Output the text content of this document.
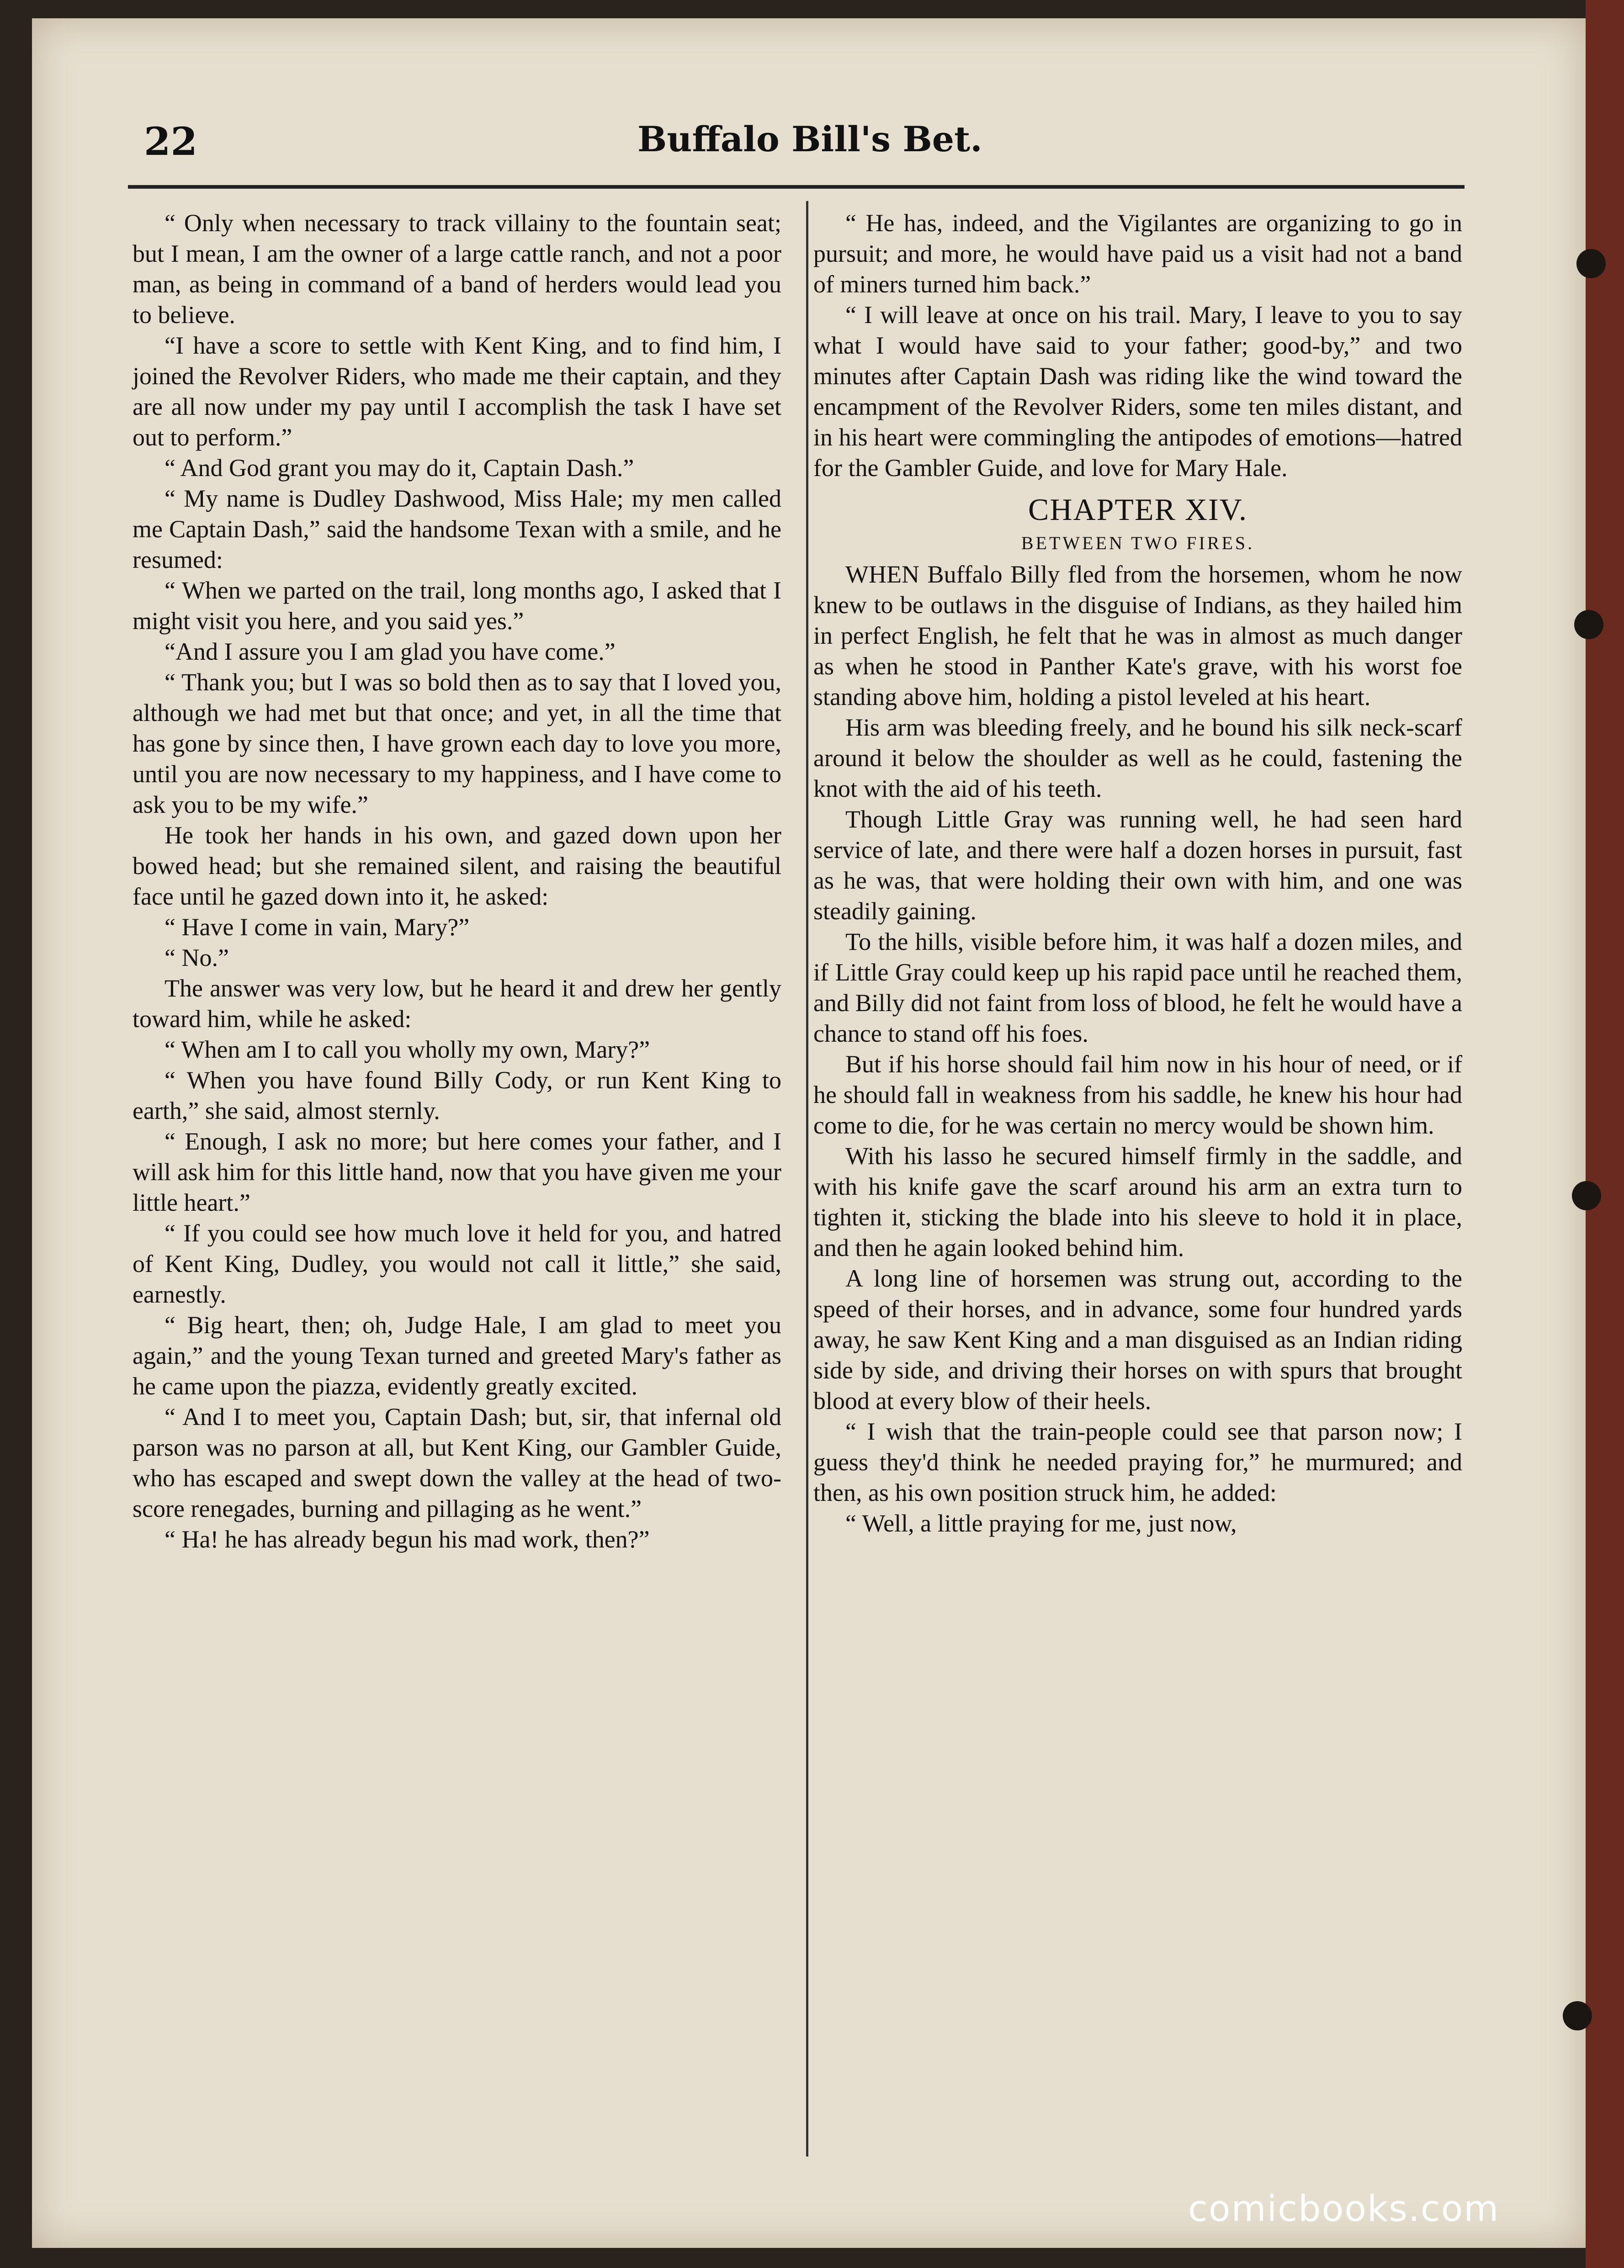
22	Buffalo Bill's Bet.

“ Only when necessary to track villainy to the fountain seat; but I mean, I am the owner of a large cattle ranch, and not a poor man, as being in command of a band of herders would lead you to believe.

“I have a score to settle with Kent King, and to find him, I joined the Revolver Riders, who made me their captain, and they are all now under my pay until I accomplish the task I have set out to perform.”

“ And God grant you may do it, Captain Dash.”

“ My name is Dudley Dashwood, Miss Hale; my men called me Captain Dash,” said the handsome Texan with a smile, and he resumed:

“ When we parted on the trail, long months ago, I asked that I might visit you here, and you said yes.”

“And I assure you I am glad you have come.”

“ Thank you; but I was so bold then as to say that I loved you, although we had met but that once; and yet, in all the time that has gone by since then, I have grown each day to love you more, until you are now necessary to my happiness, and I have come to ask you to be my wife.”

He took her hands in his own, and gazed down upon her bowed head; but she remained silent, and raising the beautiful face until he gazed down into it, he asked:

“ Have I come in vain, Mary?”

“ No.”

The answer was very low, but he heard it and drew her gently toward him, while he asked:

“ When am I to call you wholly my own, Mary?”

“ When you have found Billy Cody, or run Kent King to earth,” she said, almost sternly.

“ Enough, I ask no more; but here comes your father, and I will ask him for this little hand, now that you have given me your little heart.”

“ If you could see how much love it held for you, and hatred of Kent King, Dudley, you would not call it little,” she said, earnestly.

“ Big heart, then; oh, Judge Hale, I am glad to meet you again,” and the young Texan turned and greeted Mary's father as he came upon the piazza, evidently greatly excited.

“ And I to meet you, Captain Dash; but, sir, that infernal old parson was no parson at all, but Kent King, our Gambler Guide, who has escaped and swept down the valley at the head of two-score renegades, burning and pillaging as he went.”

“ Ha! he has already begun his mad work, then?”

“ He has, indeed, and the Vigilantes are organizing to go in pursuit; and more, he would have paid us a visit had not a band of miners turned him back.”

“ I will leave at once on his trail. Mary, I leave to you to say what I would have said to your father; good-by,” and two minutes after Captain Dash was riding like the wind toward the encampment of the Revolver Riders, some ten miles distant, and in his heart were commingling the antipodes of emotions—hatred for the Gambler Guide, and love for Mary Hale.

CHAPTER XIV.
BETWEEN TWO FIRES.

WHEN Buffalo Billy fled from the horsemen, whom he now knew to be outlaws in the disguise of Indians, as they hailed him in perfect English, he felt that he was in almost as much danger as when he stood in Panther Kate's grave, with his worst foe standing above him, holding a pistol leveled at his heart.

His arm was bleeding freely, and he bound his silk neck-scarf around it below the shoulder as well as he could, fastening the knot with the aid of his teeth.

Though Little Gray was running well, he had seen hard service of late, and there were half a dozen horses in pursuit, fast as he was, that were holding their own with him, and one was steadily gaining.

To the hills, visible before him, it was half a dozen miles, and if Little Gray could keep up his rapid pace until he reached them, and Billy did not faint from loss of blood, he felt he would have a chance to stand off his foes.

But if his horse should fail him now in his hour of need, or if he should fall in weakness from his saddle, he knew his hour had come to die, for he was certain no mercy would be shown him.

With his lasso he secured himself firmly in the saddle, and with his knife gave the scarf around his arm an extra turn to tighten it, sticking the blade into his sleeve to hold it in place, and then he again looked behind him.

A long line of horsemen was strung out, according to the speed of their horses, and in advance, some four hundred yards away, he saw Kent King and a man disguised as an Indian riding side by side, and driving their horses on with spurs that brought blood at every blow of their heels.

“ I wish that the train-people could see that parson now; I guess they'd think he needed praying for,” he murmured; and then, as his own position struck him, he added:

“ Well, a little praying for me, just now,

comicbooks.com
